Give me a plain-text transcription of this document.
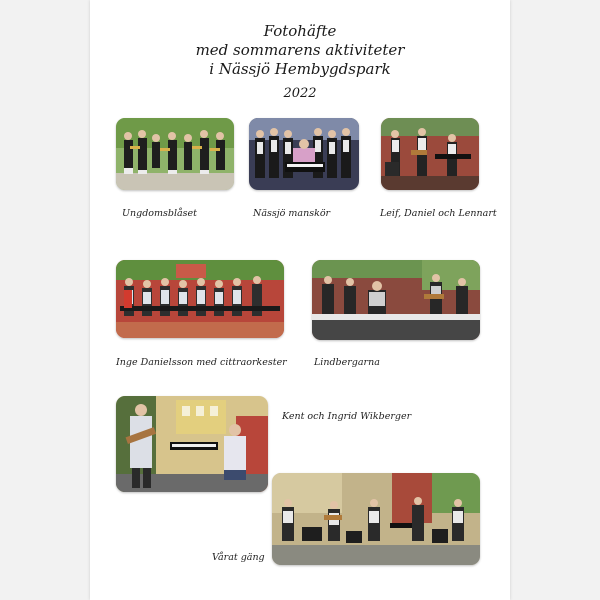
Fotohäfte
med sommarens aktiviteter
i Nässjö Hembygdspark
2022
Ungdomsblåset	Nässjö manskör	Leif, Daniel och Lennart
Inge Danielsson med cittraorkester	Lindbergarna
Kent och Ingrid Wikberger
Vårat gäng
